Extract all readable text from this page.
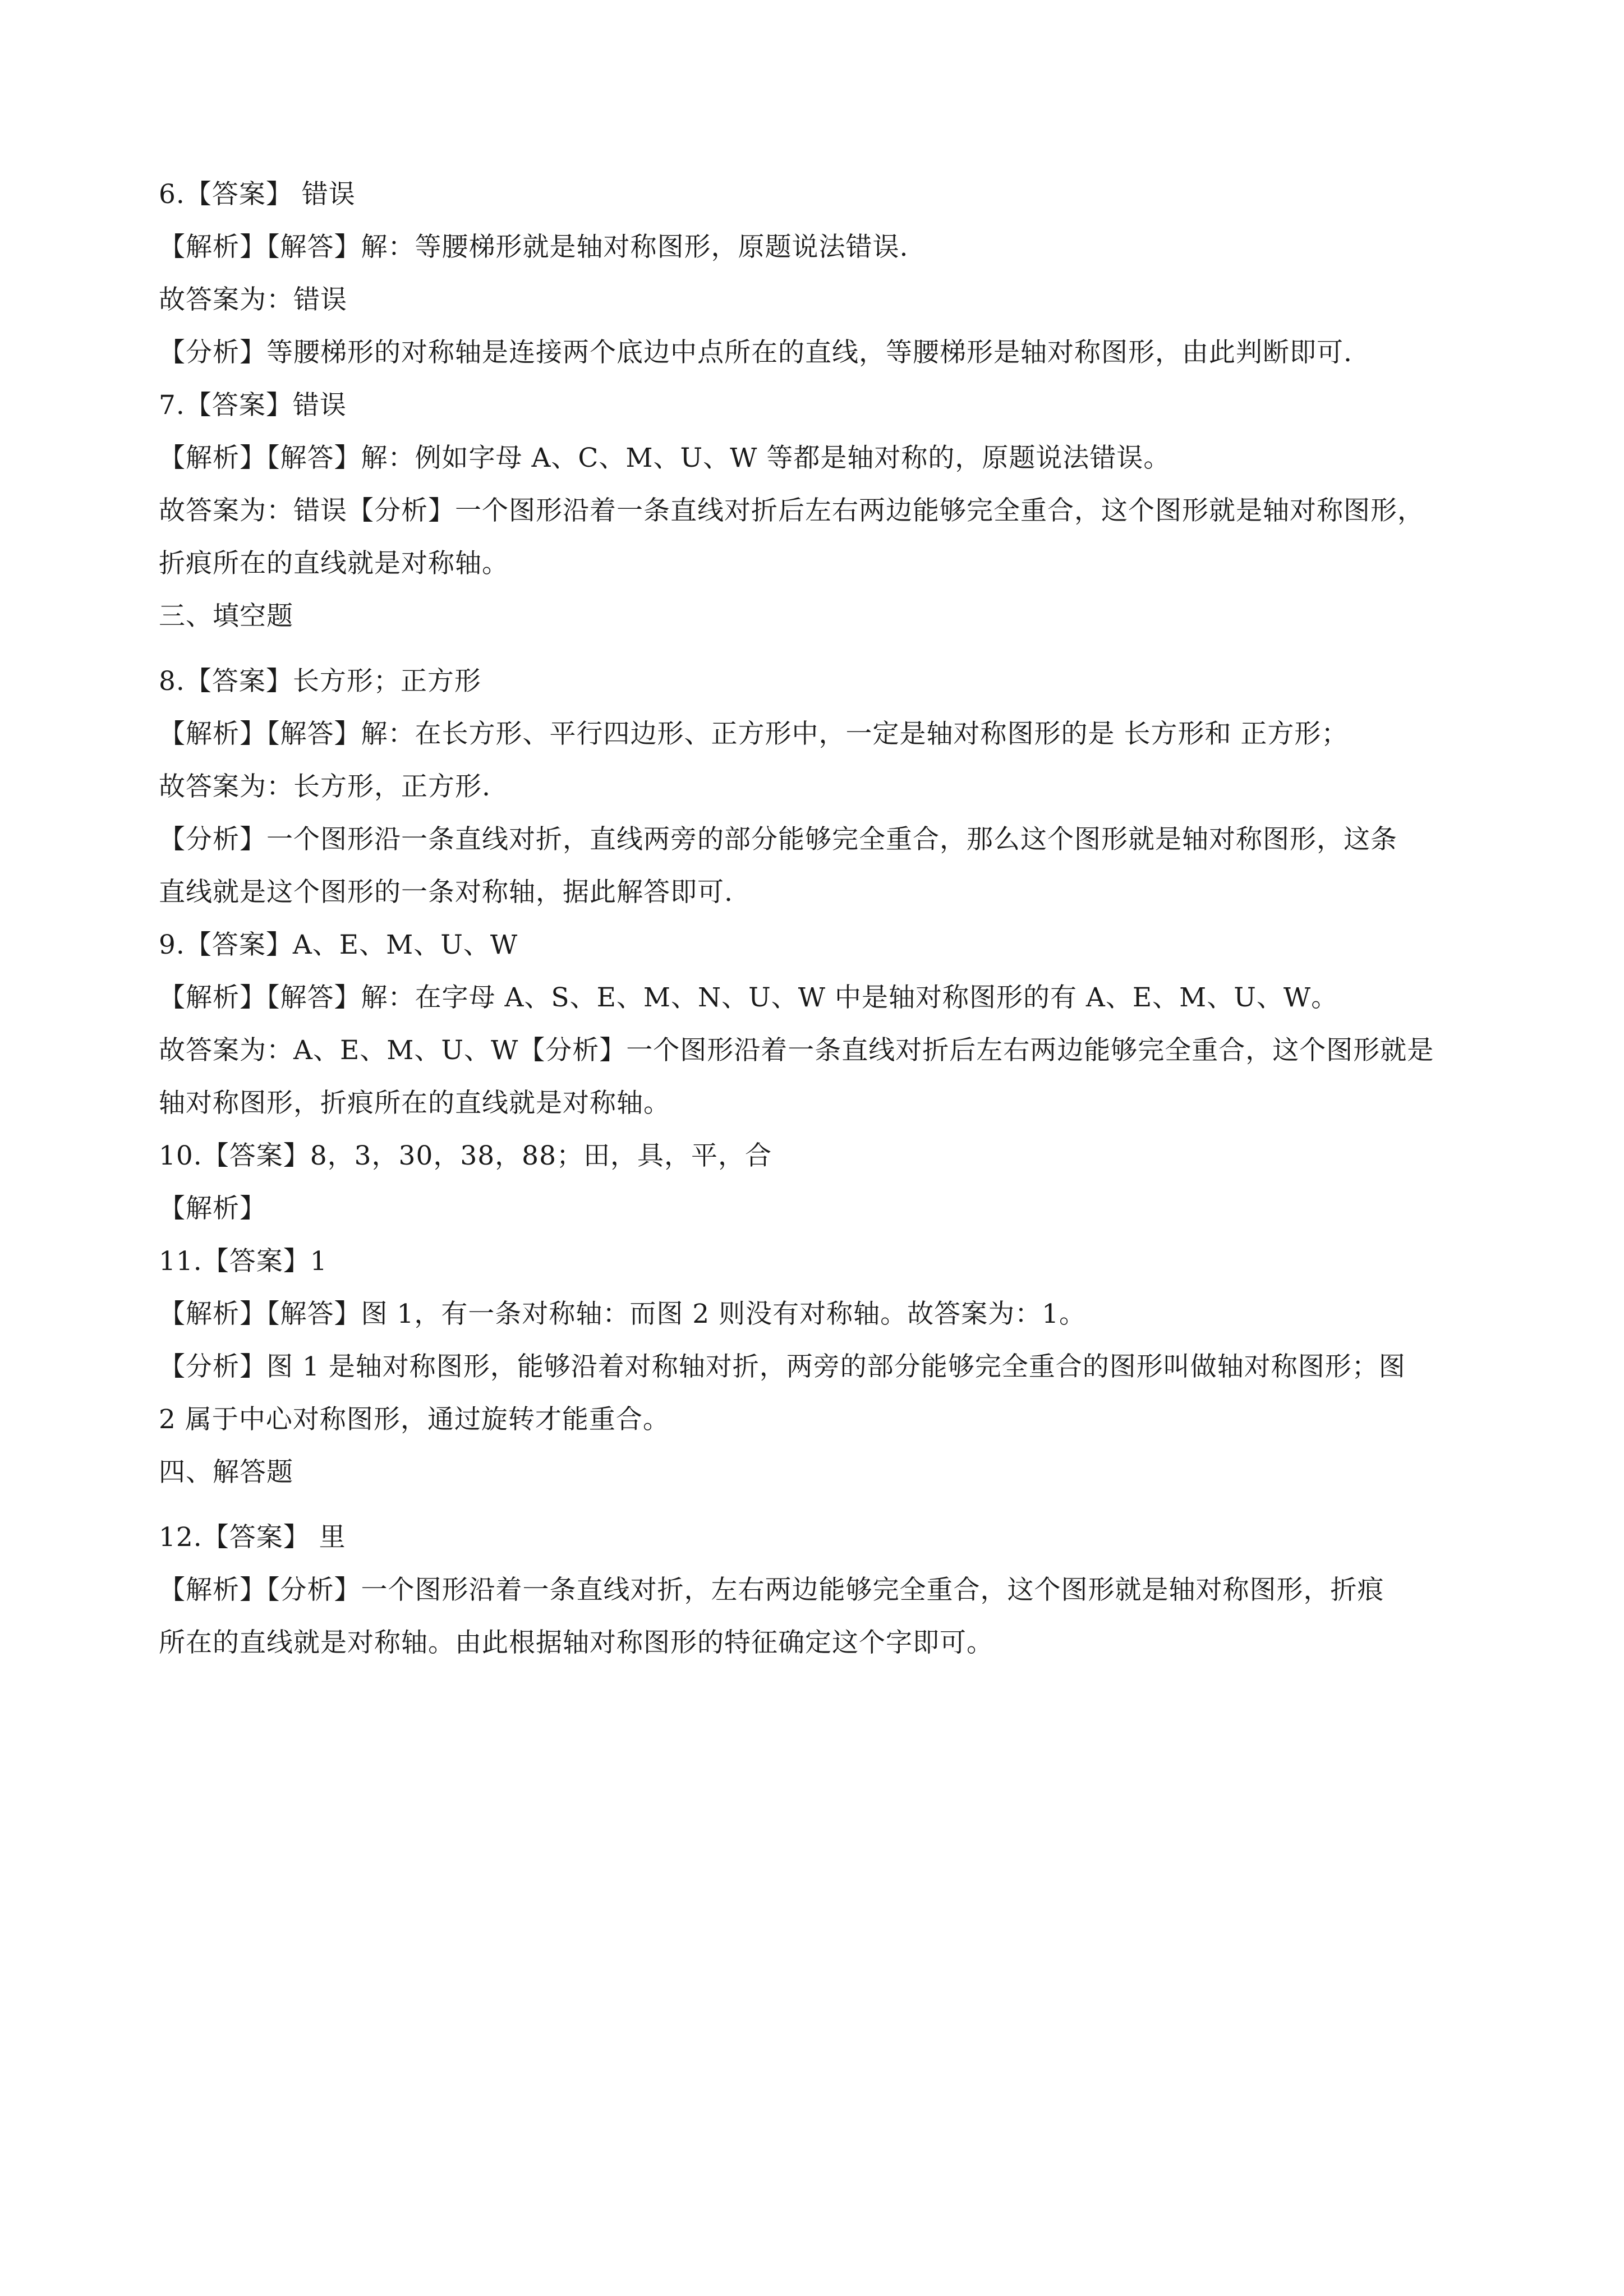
6.【答案】 错误
【解析】【解答】解：等腰梯形就是轴对称图形，原题说法错误.
故答案为：错误
【分析】等腰梯形的对称轴是连接两个底边中点所在的直线，等腰梯形是轴对称图形，由此判断即可.
7.【答案】错误
【解析】【解答】解：例如字母 A、C、M、U、W 等都是轴对称的，原题说法错误。
故答案为：错误【分析】一个图形沿着一条直线对折后左右两边能够完全重合，这个图形就是轴对称图形，
折痕所在的直线就是对称轴。
三、填空题
8.【答案】长方形；正方形
【解析】【解答】解：在长方形、平行四边形、正方形中，一定是轴对称图形的是 长方形和 正方形；
故答案为：长方形，正方形.
【分析】一个图形沿一条直线对折，直线两旁的部分能够完全重合，那么这个图形就是轴对称图形，这条
直线就是这个图形的一条对称轴，据此解答即可.
9.【答案】A、E、M、U、W
【解析】【解答】解：在字母 A、S、E、M、N、U、W 中是轴对称图形的有 A、E、M、U、W。
故答案为：A、E、M、U、W【分析】一个图形沿着一条直线对折后左右两边能够完全重合，这个图形就是
轴对称图形，折痕所在的直线就是对称轴。
10.【答案】8，3，30，38，88；田，具，平，合
【解析】
11.【答案】1
【解析】【解答】图 1，有一条对称轴：而图 2 则没有对称轴。故答案为：1。
【分析】图 1 是轴对称图形，能够沿着对称轴对折，两旁的部分能够完全重合的图形叫做轴对称图形；图
2 属于中心对称图形，通过旋转才能重合。
四、解答题
12.【答案】 里
【解析】【分析】一个图形沿着一条直线对折，左右两边能够完全重合，这个图形就是轴对称图形，折痕
所在的直线就是对称轴。由此根据轴对称图形的特征确定这个字即可。
